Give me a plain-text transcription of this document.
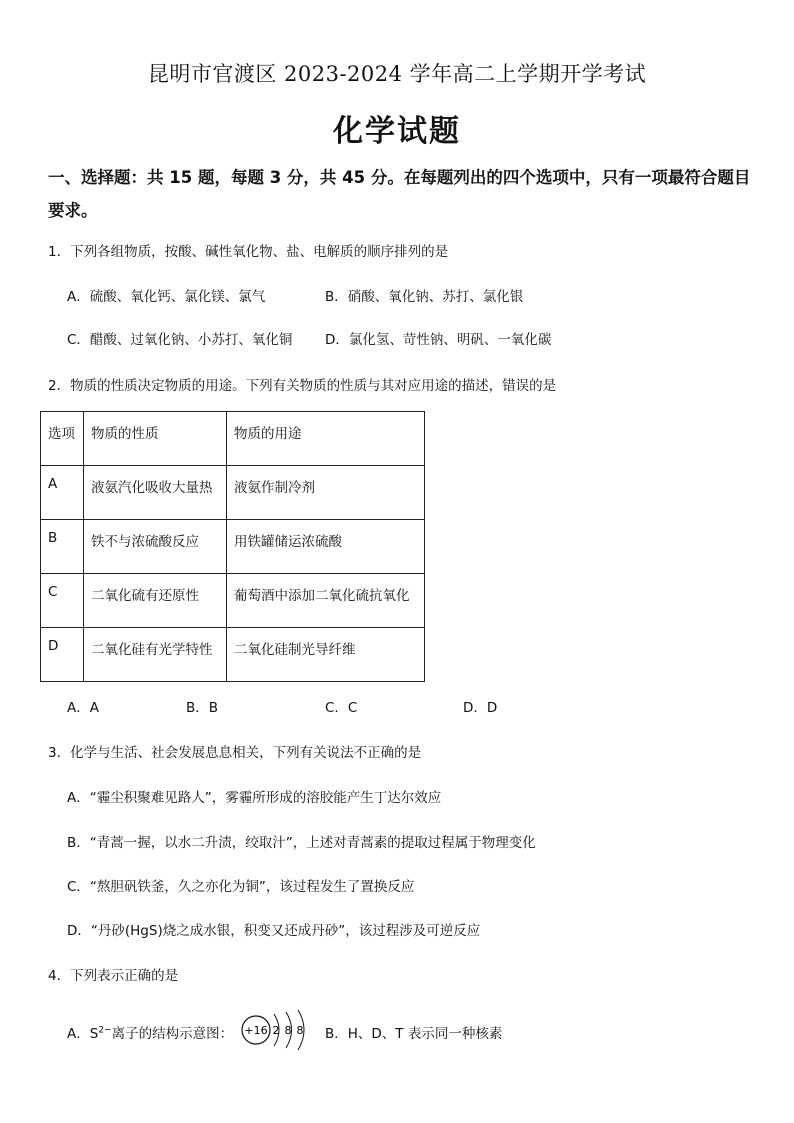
昆明市官渡区 2023-2024 学年高二上学期开学考试
化学试题
一、选择题：共 15 题，每题 3 分，共 45 分。在每题列出的四个选项中，只有一项最符合题目要求。
1．下列各组物质，按酸、碱性氧化物、盐、电解质的顺序排列的是
A．硫酸、氧化钙、氯化镁、氯气	B．硝酸、氧化钠、苏打、氯化银
C．醋酸、过氧化钠、小苏打、氧化铜 D．氯化氢、苛性钠、明矾、一氧化碳
2．物质的性质决定物质的用途。下列有关物质的性质与其对应用途的描述，错误的是
选项	物质的性质	物质的用途
A	液氨汽化吸收大量热	液氨作制冷剂
B	铁不与浓硫酸反应	用铁罐储运浓硫酸
C	二氧化硫有还原性	葡萄酒中添加二氧化硫抗氧化
D	二氧化硅有光学特性	二氧化硅制光导纤维
A．A	B．B	C．C	D．D
3．化学与生活、社会发展息息相关，下列有关说法不正确的是
A．“霾尘积聚难见路人”，雾霾所形成的溶胶能产生丁达尔效应
B．“青蒿一握，以水二升渍，绞取汁”，上述对青蒿素的提取过程属于物理变化
C．“熬胆矾铁釜，久之亦化为铜”，该过程发生了置换反应
D．“丹砂(HgS)烧之成水银，积变又还成丹砂”，该过程涉及可逆反应
4．下列表示正确的是
A．$S^{2-}$离子的结构示意图： +16 2 8 8 B．H、D、T 表示同一种核素
